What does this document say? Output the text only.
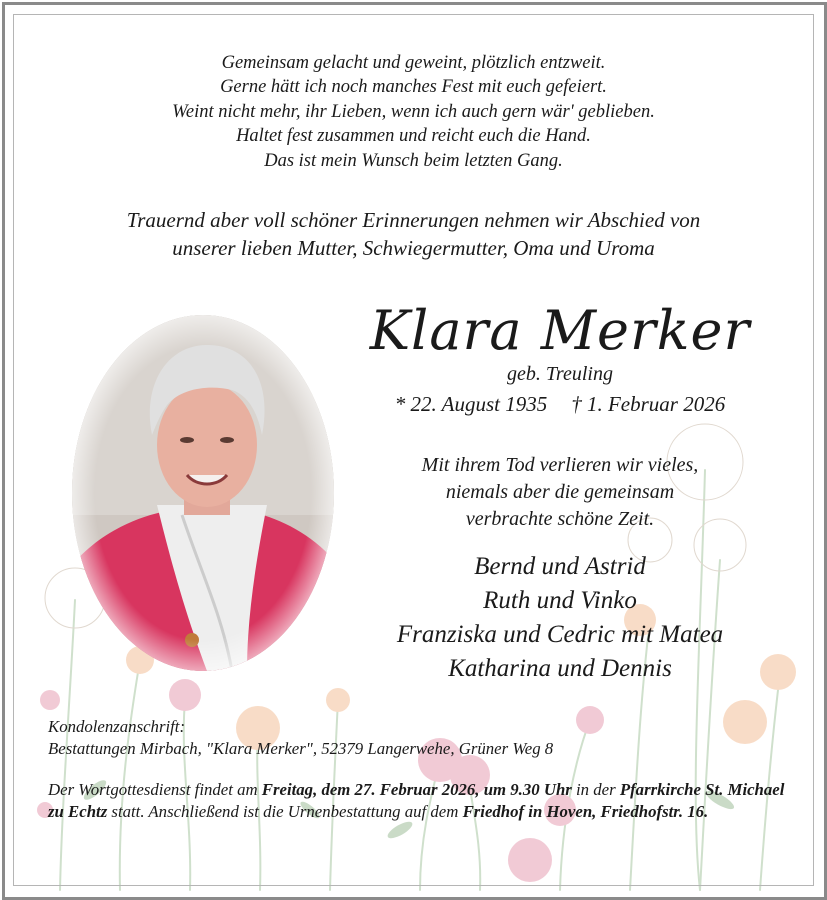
Gemeinsam gelacht und geweint, plötzlich entzweit.
Gerne hätt ich noch manches Fest mit euch gefeiert.
Weint nicht mehr, ihr Lieben, wenn ich auch gern wär' geblieben.
Haltet fest zusammen und reicht euch die Hand.
Das ist mein Wunsch beim letzten Gang.
Trauernd aber voll schöner Erinnerungen nehmen wir Abschied von
unserer lieben Mutter, Schwiegermutter, Oma und Uroma
Klara Merker
geb. Treuling
* 22. August 1935 † 1. Februar 2026
Mit ihrem Tod verlieren wir vieles,
niemals aber die gemeinsam
verbrachte schöne Zeit.
Bernd und Astrid
Ruth und Vinko
Franziska und Cedric mit Matea
Katharina und Dennis
Kondolenzanschrift:
Bestattungen Mirbach, "Klara Merker", 52379 Langerwehe, Grüner Weg 8
Der Wortgottesdienst findet am Freitag, dem 27. Februar 2026, um 9.30 Uhr in der Pfarrkirche St. Michael zu Echtz statt. Anschließend ist die Urnenbestattung auf dem Friedhof in Hoven, Friedhofstr. 16.
